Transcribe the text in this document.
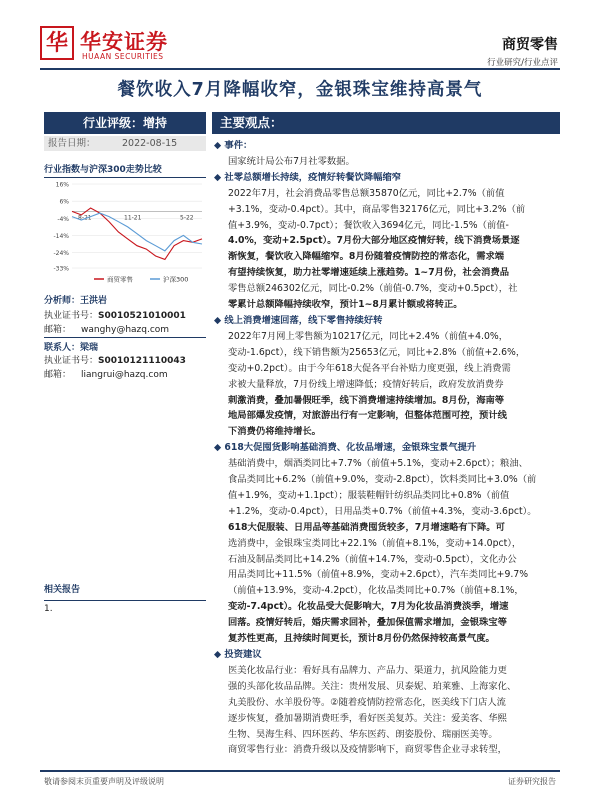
华 华安证券
HUAAN SECURITIES
商贸零售
行业研究/行业点评
餐饮收入7月降幅收窄，金银珠宝维持高景气
行业评级：增持
报告日期：	2022-08-15
行业指数与沪深300走势比较
16%
6%
-4%
-14%
-24%
-33%
8-21	11-21	5-22
商贸零售	沪深300
分析师：王洪岩
执业证书号：S0010521010001
邮箱： wanghy@hazq.com
联系人：梁瑞
执业证书号：S0010121110043
邮箱： liangrui@hazq.com
相关报告
1.
主要观点：
◆ 事件：
国家统计局公布7月社零数据。
◆ 社零总额增长持续，疫情好转餐饮降幅缩窄
2022年7月，社会消费品零售总额35870亿元，同比+2.7%（前值
+3.1%，变动-0.4pct）。其中，商品零售32176亿元，同比+3.2%（前
值+3.9%，变动-0.7pct）；餐饮收入3694亿元，同比-1.5%（前值-
4.0%，变动+2.5pct）。7月份大部分地区疫情好转，线下消费场景逐
渐恢复，餐饮收入降幅缩窄。8月份随着疫情防控的常态化，需求端
有望持续恢复，助力社零增速延续上涨趋势。1~7月份，社会消费品
零售总额246302亿元，同比-0.2%（前值-0.7%，变动+0.5pct），社
零累计总额降幅持续收窄，预计1~8月累计额或将转正。
◆ 线上消费增速回落，线下零售持续好转
2022年7月网上零售额为10217亿元，同比+2.4%（前值+4.0%，
变动-1.6pct），线下销售额为25653亿元，同比+2.8%（前值+2.6%，
变动+0.2pct）。由于今年618大促各平台补贴力度更强，线上消费需
求被大量释放，7月份线上增速降低；疫情好转后，政府发放消费券
刺激消费，叠加暑假旺季，线下消费增速持续增加。8月份，海南等
地局部爆发疫情，对旅游出行有一定影响，但整体范围可控，预计线
下消费仍将维持增长。
◆ 618大促囤货影响基础消费、化妆品增速，金银珠宝景气提升
基础消费中，烟酒类同比+7.7%（前值+5.1%，变动+2.6pct）；粮油、
食品类同比+6.2%（前值+9.0%，变动-2.8pct），饮料类同比+3.0%（前
值+1.9%，变动+1.1pct）；服装鞋帽针纺织品类同比+0.8%（前值
+1.2%，变动-0.4pct），日用品类+0.7%（前值+4.3%，变动-3.6pct）。
618大促服装、日用品等基础消费囤货较多，7月增速略有下降。可
选消费中，金银珠宝类同比+22.1%（前值+8.1%，变动+14.0pct），
石油及制品类同比+14.2%（前值+14.7%，变动-0.5pct），文化办公
用品类同比+11.5%（前值+8.9%，变动+2.6pct），汽车类同比+9.7%
（前值+13.9%，变动-4.2pct），化妆品类同比+0.7%（前值+8.1%，
变动-7.4pct）。化妆品受大促影响大，7月为化妆品消费淡季，增速
回落。疫情好转后，婚庆需求回补，叠加保值需求增加，金银珠宝等
复苏性更高，且持续时间更长，预计8月份仍然保持较高景气度。
◆ 投资建议
医美化妆品行业：看好具有品牌力、产品力、渠道力，抗风险能力更
强的头部化妆品品牌。关注：贵州发展、贝泰妮、珀莱雅、上海家化、
丸美股份、水羊股份等。②随着疫情防控常态化，医美线下门店人流
逐步恢复，叠加暑期消费旺季，看好医美复苏。关注：爱美客、华熙
生物、昊海生科、四环医药、华东医药、朗姿股份、瑞丽医美等。
商贸零售行业：消费升级以及疫情影响下，商贸零售企业寻求转型，
敬请参阅末页重要声明及评级说明	证券研究报告
